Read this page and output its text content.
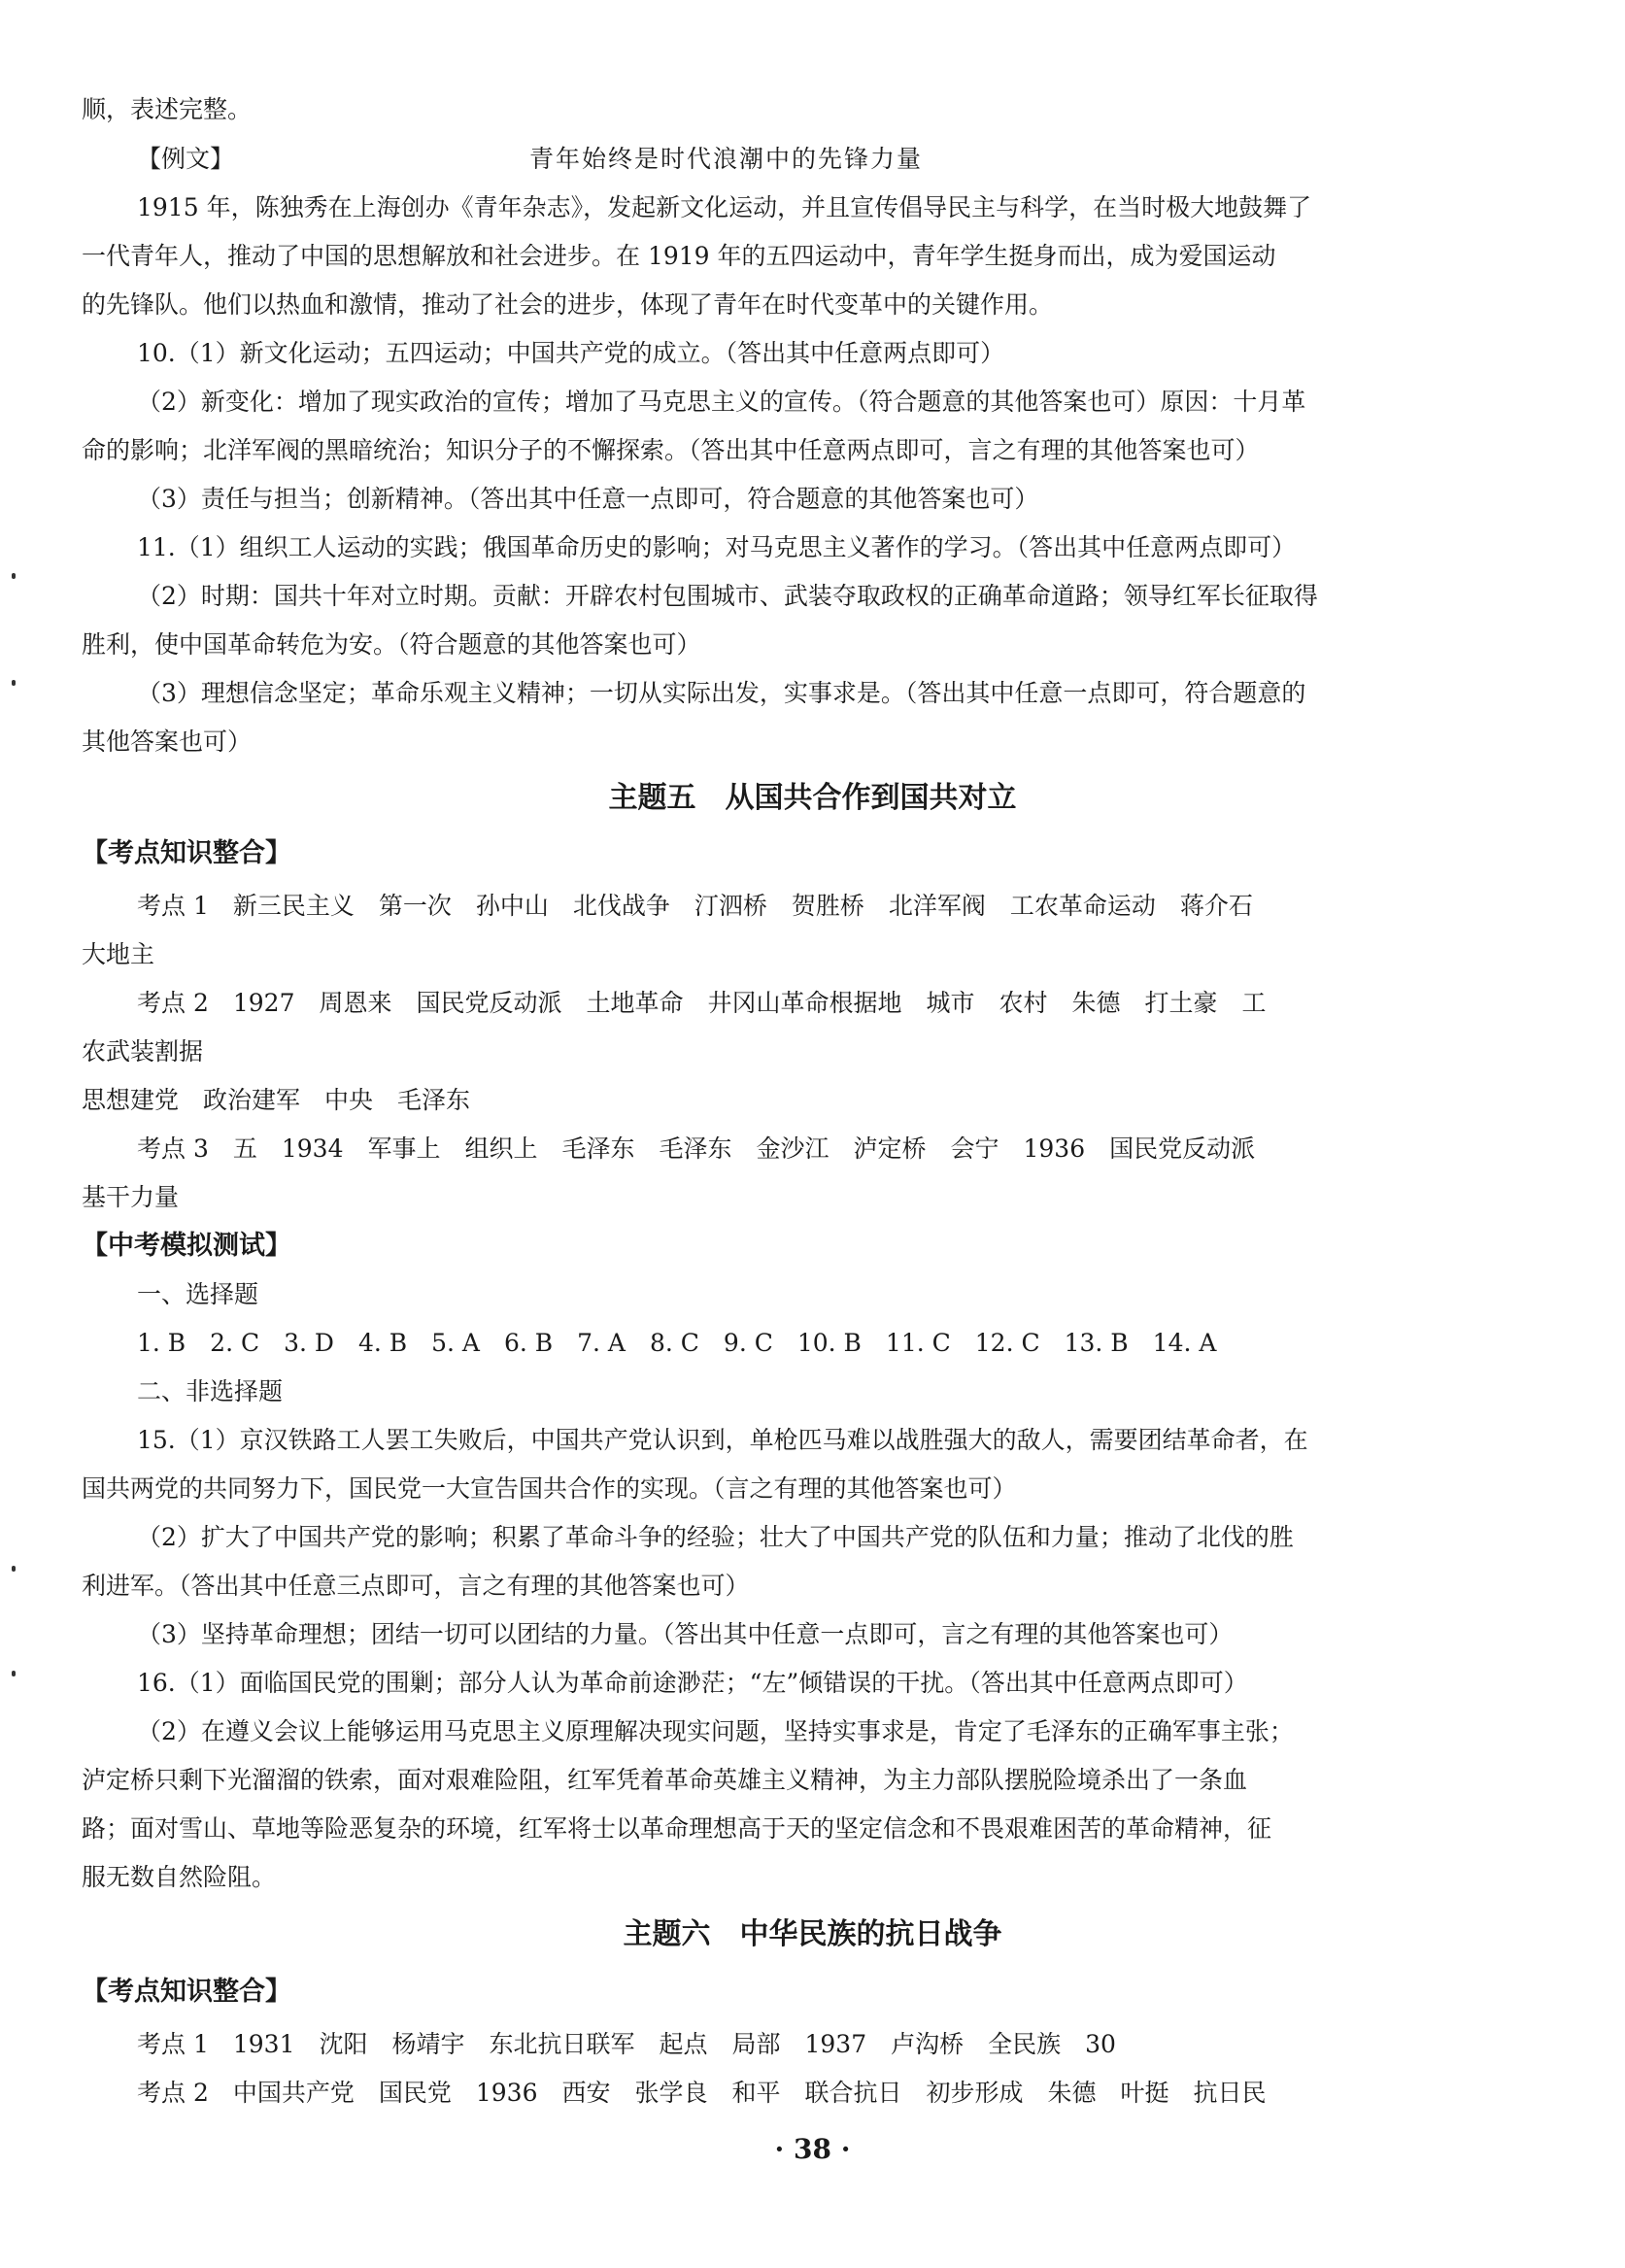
顺，表述完整。
【例文】	青年始终是时代浪潮中的先锋力量
1915 年，陈独秀在上海创办《青年杂志》，发起新文化运动，并且宣传倡导民主与科学，在当时极大地鼓舞了
一代青年人，推动了中国的思想解放和社会进步。在 1919 年的五四运动中，青年学生挺身而出，成为爱国运动
的先锋队。他们以热血和激情，推动了社会的进步，体现了青年在时代变革中的关键作用。
10.（1）新文化运动；五四运动；中国共产党的成立。（答出其中任意两点即可）
（2）新变化：增加了现实政治的宣传；增加了马克思主义的宣传。（符合题意的其他答案也可）原因：十月革
命的影响；北洋军阀的黑暗统治；知识分子的不懈探索。（答出其中任意两点即可，言之有理的其他答案也可）
（3）责任与担当；创新精神。（答出其中任意一点即可，符合题意的其他答案也可）
11.（1）组织工人运动的实践；俄国革命历史的影响；对马克思主义著作的学习。（答出其中任意两点即可）
（2）时期：国共十年对立时期。贡献：开辟农村包围城市、武装夺取政权的正确革命道路；领导红军长征取得
胜利，使中国革命转危为安。（符合题意的其他答案也可）
（3）理想信念坚定；革命乐观主义精神；一切从实际出发，实事求是。（答出其中任意一点即可，符合题意的
其他答案也可）
主题五　从国共合作到国共对立
【考点知识整合】
考点 1　新三民主义　第一次　孙中山　北伐战争　汀泗桥　贺胜桥　北洋军阀　工农革命运动　蒋介石
大地主
考点 2　1927　周恩来　国民党反动派　土地革命　井冈山革命根据地　城市　农村　朱德　打土豪　工
农武装割据
思想建党　政治建军　中央　毛泽东
考点 3　五　1934　军事上　组织上　毛泽东　毛泽东　金沙江　泸定桥　会宁　1936　国民党反动派
基干力量
【中考模拟测试】
一、选择题
1. B　2. C　3. D　4. B　5. A　6. B　7. A　8. C　9. C　10. B　11. C　12. C　13. B　14. A
二、非选择题
15.（1）京汉铁路工人罢工失败后，中国共产党认识到，单枪匹马难以战胜强大的敌人，需要团结革命者，在
国共两党的共同努力下，国民党一大宣告国共合作的实现。（言之有理的其他答案也可）
（2）扩大了中国共产党的影响；积累了革命斗争的经验；壮大了中国共产党的队伍和力量；推动了北伐的胜
利进军。（答出其中任意三点即可，言之有理的其他答案也可）
（3）坚持革命理想；团结一切可以团结的力量。（答出其中任意一点即可，言之有理的其他答案也可）
16.（1）面临国民党的围剿；部分人认为革命前途渺茫；“左”倾错误的干扰。（答出其中任意两点即可）
（2）在遵义会议上能够运用马克思主义原理解决现实问题，坚持实事求是，肯定了毛泽东的正确军事主张；
泸定桥只剩下光溜溜的铁索，面对艰难险阻，红军凭着革命英雄主义精神，为主力部队摆脱险境杀出了一条血
路；面对雪山、草地等险恶复杂的环境，红军将士以革命理想高于天的坚定信念和不畏艰难困苦的革命精神，征
服无数自然险阻。
主题六　中华民族的抗日战争
【考点知识整合】
考点 1　1931　沈阳　杨靖宇　东北抗日联军　起点　局部　1937　卢沟桥　全民族　30
考点 2　中国共产党　国民党　1936　西安　张学良　和平　联合抗日　初步形成　朱德　叶挺　抗日民
· 38 ·
